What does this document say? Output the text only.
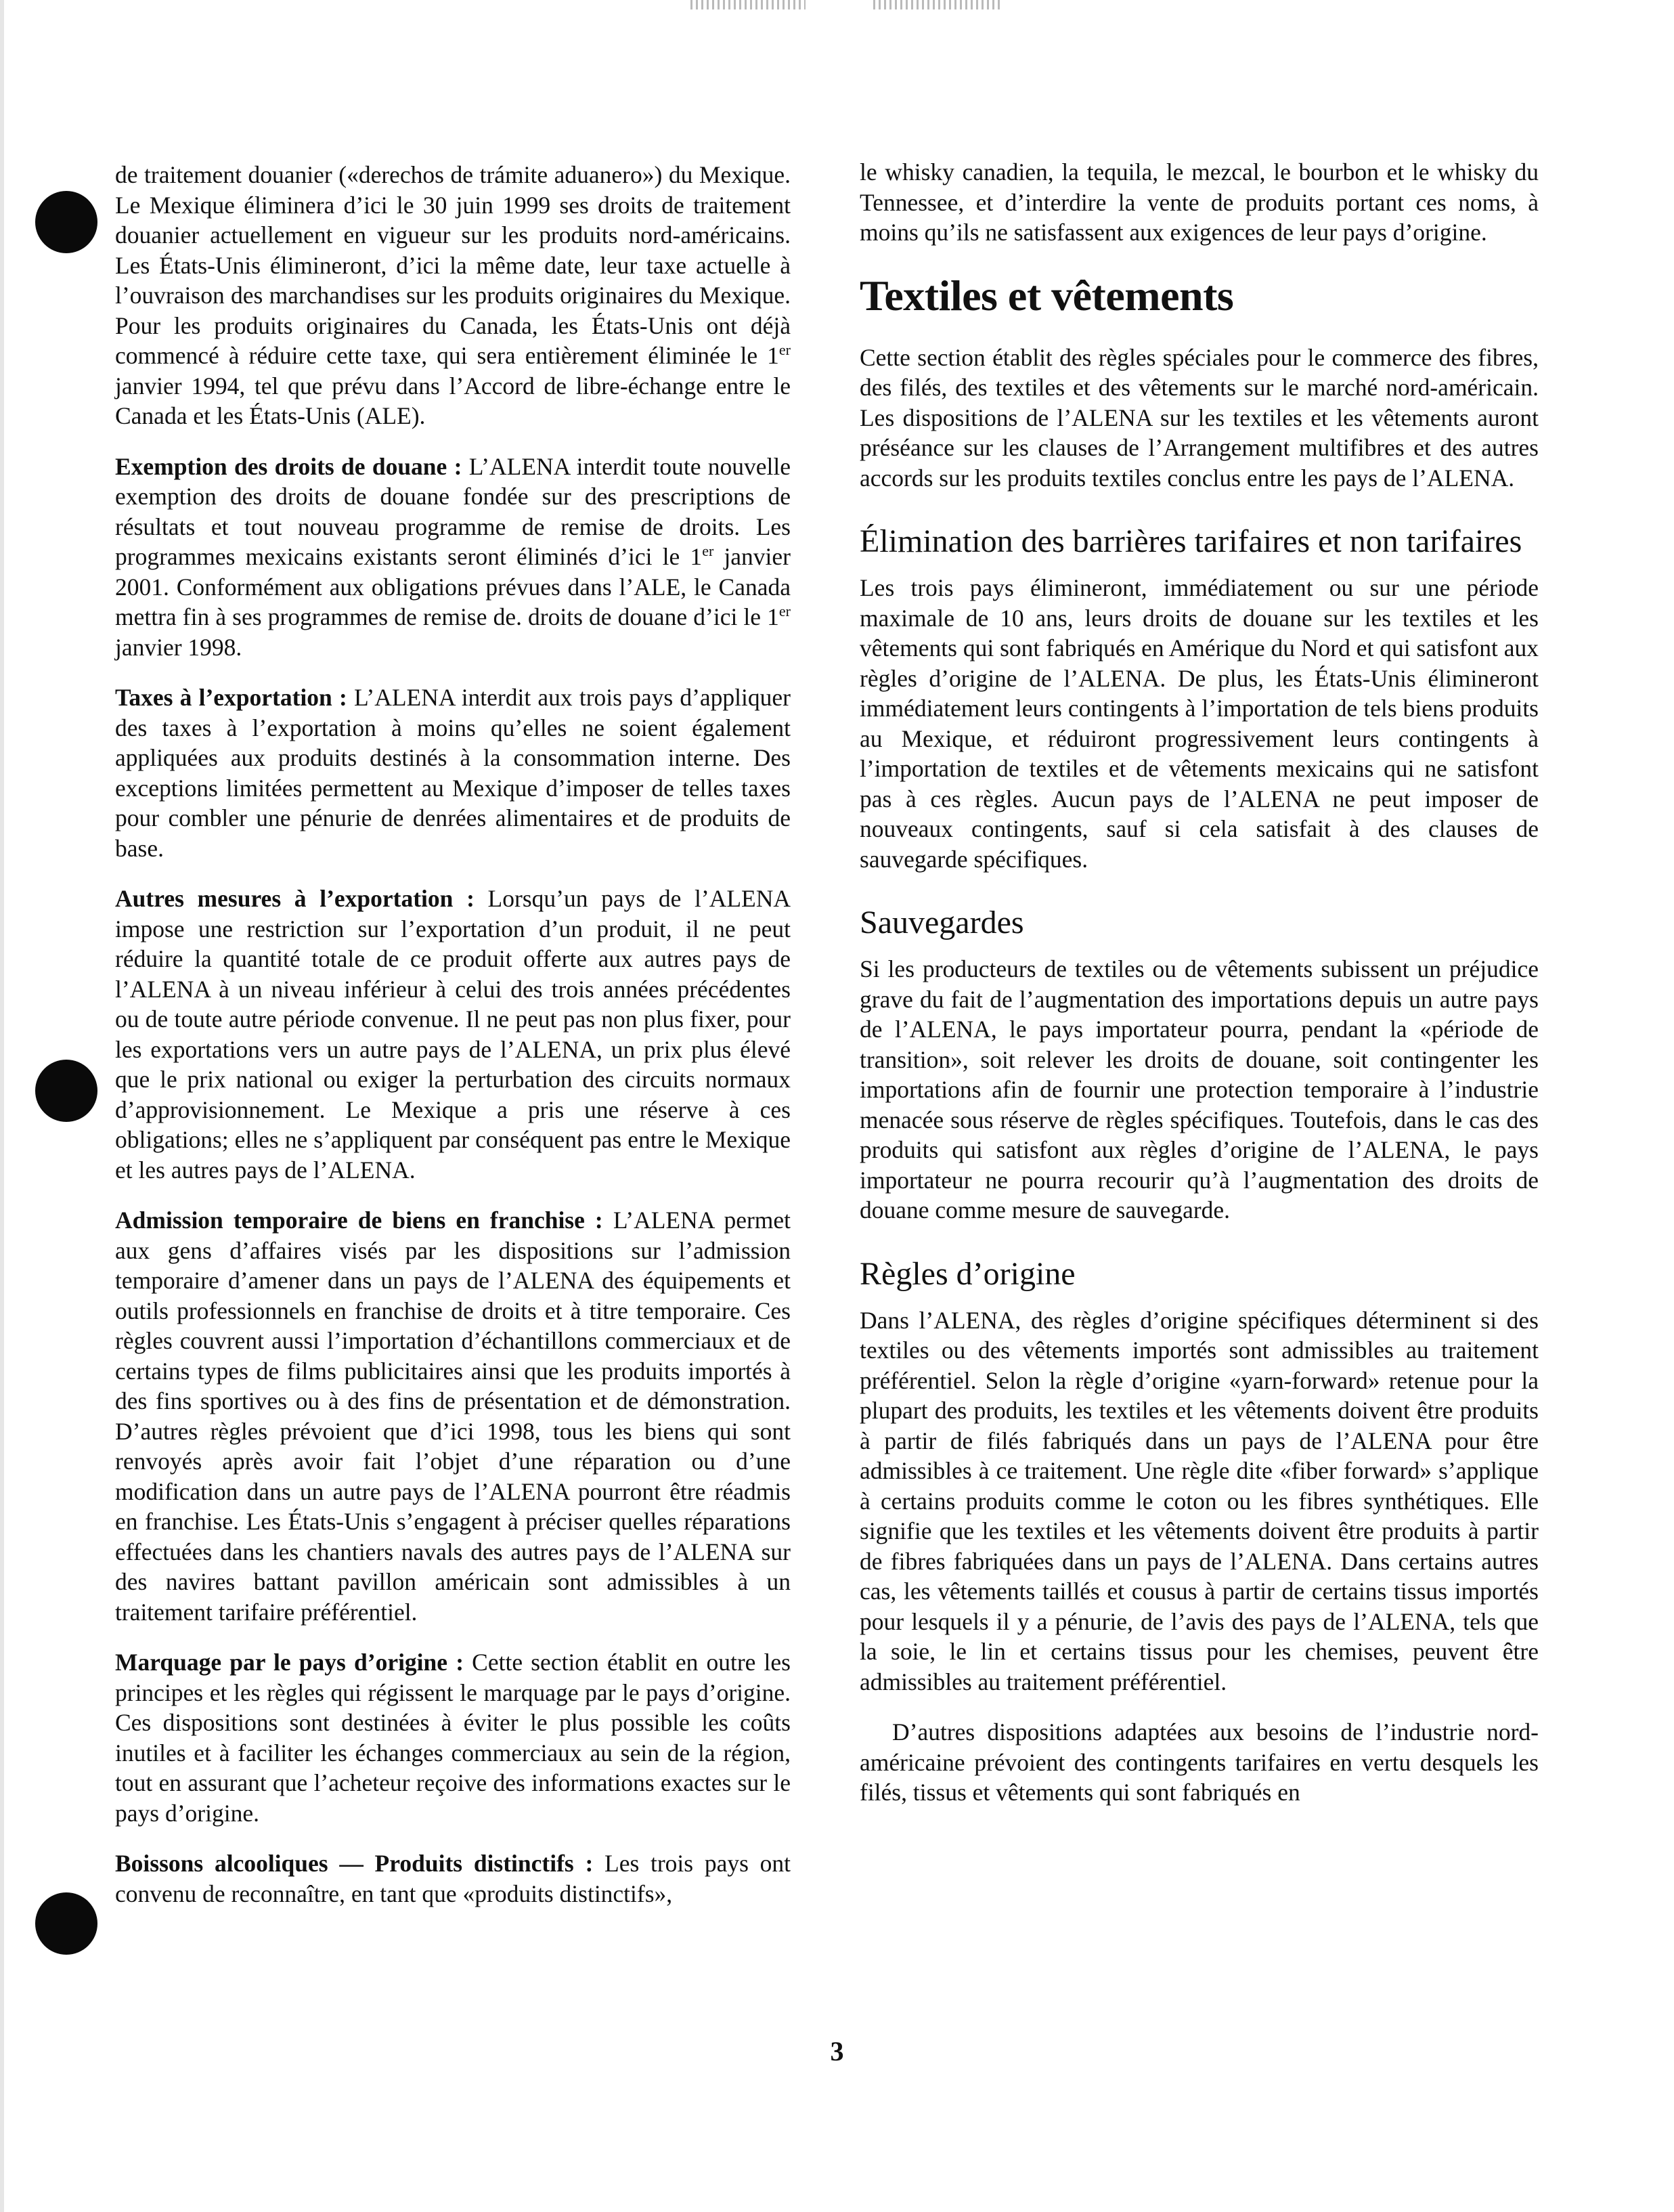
de traitement douanier («derechos de trámite aduanero») du Mexique. Le Mexique éliminera d’ici le 30 juin 1999 ses droits de traitement douanier actuellement en vigueur sur les produits nord-américains. Les États-Unis élimineront, d’ici la même date, leur taxe actuelle à l’ouvraison des marchandises sur les produits originaires du Mexique. Pour les produits originaires du Canada, les États-Unis ont déjà commencé à réduire cette taxe, qui sera entièrement éliminée le 1er janvier 1994, tel que prévu dans l’Accord de libre-échange entre le Canada et les États-Unis (ALE).

Exemption des droits de douane : L’ALENA interdit toute nouvelle exemption des droits de douane fondée sur des prescriptions de résultats et tout nouveau programme de remise de droits. Les programmes mexicains existants seront éliminés d’ici le 1er janvier 2001. Conformément aux obligations prévues dans l’ALE, le Canada mettra fin à ses programmes de remise de. droits de douane d’ici le 1er janvier 1998.

Taxes à l’exportation : L’ALENA interdit aux trois pays d’appliquer des taxes à l’exportation à moins qu’elles ne soient également appliquées aux produits destinés à la consommation interne. Des exceptions limitées permettent au Mexique d’imposer de telles taxes pour combler une pénurie de denrées alimentaires et de produits de base.

Autres mesures à l’exportation : Lorsqu’un pays de l’ALENA impose une restriction sur l’exportation d’un produit, il ne peut réduire la quantité totale de ce produit offerte aux autres pays de l’ALENA à un niveau inférieur à celui des trois années précédentes ou de toute autre période convenue. Il ne peut pas non plus fixer, pour les exportations vers un autre pays de l’ALENA, un prix plus élevé que le prix national ou exiger la perturbation des circuits normaux d’approvisionnement. Le Mexique a pris une réserve à ces obligations; elles ne s’appliquent par conséquent pas entre le Mexique et les autres pays de l’ALENA.

Admission temporaire de biens en franchise : L’ALENA permet aux gens d’affaires visés par les dispositions sur l’admission temporaire d’amener dans un pays de l’ALENA des équipements et outils professionnels en franchise de droits et à titre temporaire. Ces règles couvrent aussi l’importation d’échantillons commerciaux et de certains types de films publicitaires ainsi que les produits importés à des fins sportives ou à des fins de présentation et de démonstration. D’autres règles prévoient que d’ici 1998, tous les biens qui sont renvoyés après avoir fait l’objet d’une réparation ou d’une modification dans un autre pays de l’ALENA pourront être réadmis en franchise. Les États-Unis s’engagent à préciser quelles réparations effectuées dans les chantiers navals des autres pays de l’ALENA sur des navires battant pavillon américain sont admissibles à un traitement tarifaire préférentiel.

Marquage par le pays d’origine : Cette section établit en outre les principes et les règles qui régissent le marquage par le pays d’origine. Ces dispositions sont destinées à éviter le plus possible les coûts inutiles et à faciliter les échanges commerciaux au sein de la région, tout en assurant que l’acheteur reçoive des informations exactes sur le pays d’origine.

Boissons alcooliques — Produits distinctifs : Les trois pays ont convenu de reconnaître, en tant que «produits distinctifs»,

le whisky canadien, la tequila, le mezcal, le bourbon et le whisky du Tennessee, et d’interdire la vente de produits portant ces noms, à moins qu’ils ne satisfassent aux exigences de leur pays d’origine.

Textiles et vêtements

Cette section établit des règles spéciales pour le commerce des fibres, des filés, des textiles et des vêtements sur le marché nord-américain. Les dispositions de l’ALENA sur les textiles et les vêtements auront préséance sur les clauses de l’Arrangement multifibres et des autres accords sur les produits textiles conclus entre les pays de l’ALENA.

Élimination des barrières tarifaires et non tarifaires

Les trois pays élimineront, immédiatement ou sur une période maximale de 10 ans, leurs droits de douane sur les textiles et les vêtements qui sont fabriqués en Amérique du Nord et qui satisfont aux règles d’origine de l’ALENA. De plus, les États-Unis élimineront immédiatement leurs contingents à l’importation de tels biens produits au Mexique, et réduiront progressivement leurs contingents à l’importation de textiles et de vêtements mexicains qui ne satisfont pas à ces règles. Aucun pays de l’ALENA ne peut imposer de nouveaux contingents, sauf si cela satisfait à des clauses de sauvegarde spécifiques.

Sauvegardes

Si les producteurs de textiles ou de vêtements subissent un préjudice grave du fait de l’augmentation des importations depuis un autre pays de l’ALENA, le pays importateur pourra, pendant la «période de transition», soit relever les droits de douane, soit contingenter les importations afin de fournir une protection temporaire à l’industrie menacée sous réserve de règles spécifiques. Toutefois, dans le cas des produits qui satisfont aux règles d’origine de l’ALENA, le pays importateur ne pourra recourir qu’à l’augmentation des droits de douane comme mesure de sauvegarde.

Règles d’origine

Dans l’ALENA, des règles d’origine spécifiques déterminent si des textiles ou des vêtements importés sont admissibles au traitement préférentiel. Selon la règle d’origine «yarn-forward» retenue pour la plupart des produits, les textiles et les vêtements doivent être produits à partir de filés fabriqués dans un pays de l’ALENA pour être admissibles à ce traitement. Une règle dite «fiber forward» s’applique à certains produits comme le coton ou les fibres synthétiques. Elle signifie que les textiles et les vêtements doivent être produits à partir de fibres fabriquées dans un pays de l’ALENA. Dans certains autres cas, les vêtements taillés et cousus à partir de certains tissus importés pour lesquels il y a pénurie, de l’avis des pays de l’ALENA, tels que la soie, le lin et certains tissus pour les chemises, peuvent être admissibles au traitement préférentiel.

D’autres dispositions adaptées aux besoins de l’industrie nord-américaine prévoient des contingents tarifaires en vertu desquels les filés, tissus et vêtements qui sont fabriqués en

3
